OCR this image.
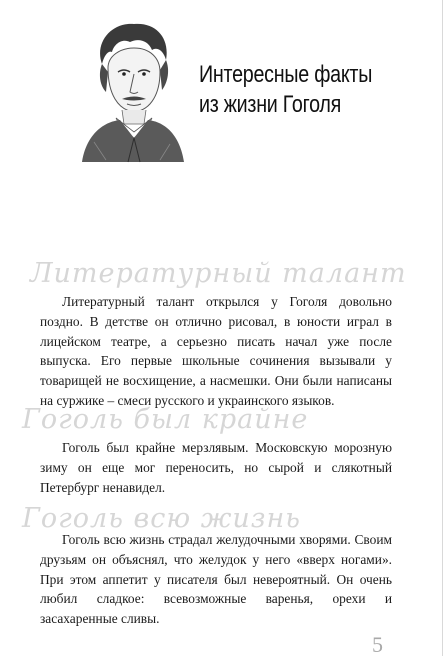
Интересные факты
из жизни Гоголя
Литературный талант
Литературный талант открылся у Гоголя довольно поздно. В детстве он отлично рисовал, в юности играл в лицейском театре, а серьезно писать начал уже после выпуска. Его первые школьные сочинения вызывали у товарищей не восхищение, а насмешки. Они были написаны на суржике – смеси русского и украинского языков.
Гоголь был крайне
Гоголь был крайне мерзлявым. Московскую морозную зиму он еще мог переносить, но сырой и слякотный Петербург ненавидел.
Гоголь всю жизнь
Гоголь всю жизнь страдал желудочными хворями. Своим друзьям он объяснял, что желудок у него «вверх ногами». При этом аппетит у писателя был невероятный. Он очень любил сладкое: всевозможные варенья, орехи и засахаренные сливы.
5
